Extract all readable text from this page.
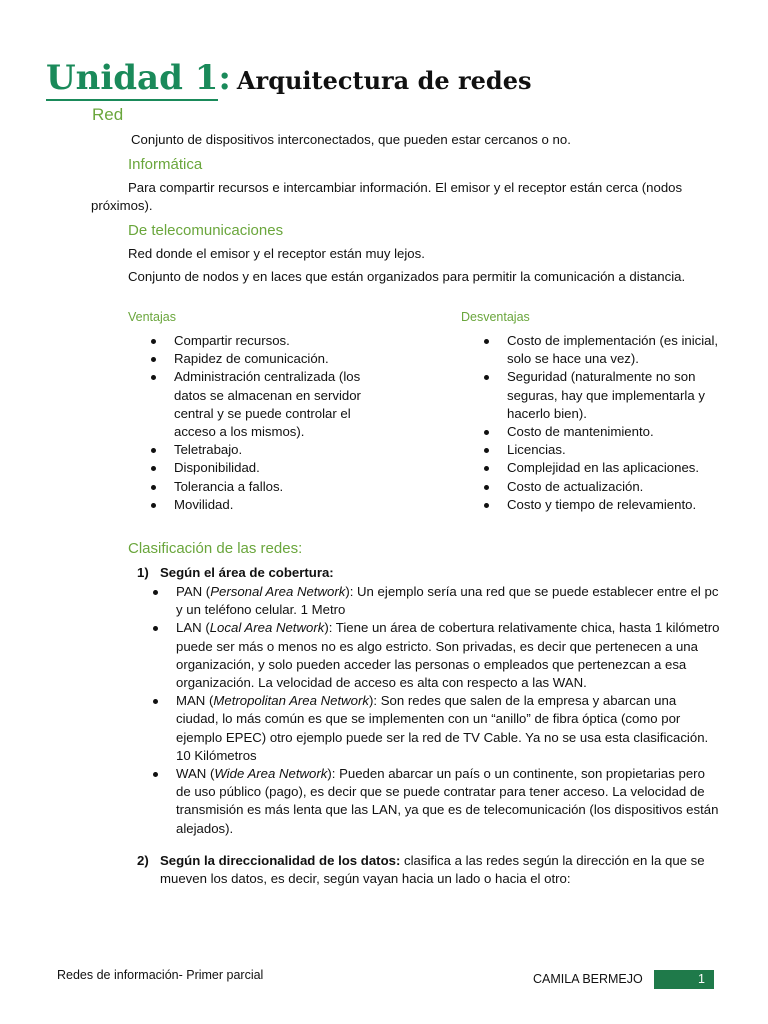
Unidad 1: Arquitectura de redes
Red
Conjunto de dispositivos interconectados, que pueden estar cercanos o no.
Informática
Para compartir recursos e intercambiar información. El emisor y el receptor están cerca (nodos próximos).
De telecomunicaciones
Red donde el emisor y el receptor están muy lejos.
Conjunto de nodos y en laces que están organizados para permitir la comunicación a distancia.
Ventajas
Compartir recursos.
Rapidez de comunicación.
Administración centralizada (los datos se almacenan en servidor central y se puede controlar el acceso a los mismos).
Teletrabajo.
Disponibilidad.
Tolerancia a fallos.
Movilidad.
Desventajas
Costo de implementación (es inicial, solo se hace una vez).
Seguridad (naturalmente no son seguras, hay que implementarla y hacerlo bien).
Costo de mantenimiento.
Licencias.
Complejidad en las aplicaciones.
Costo de actualización.
Costo y tiempo de relevamiento.
Clasificación de las redes:
1) Según el área de cobertura:
PAN (Personal Area Network): Un ejemplo sería una red que se puede establecer entre el pc y un teléfono celular. 1 Metro
LAN (Local Area Network): Tiene un área de cobertura relativamente chica, hasta 1 kilómetro puede ser más o menos no es algo estricto. Son privadas, es decir que pertenecen a una organización, y solo pueden acceder las personas o empleados que pertenezcan a esa organización. La velocidad de acceso es alta con respecto a las WAN.
MAN (Metropolitan Area Network): Son redes que salen de la empresa y abarcan una ciudad, lo más común es que se implementen con un “anillo” de fibra óptica (como por ejemplo EPEC) otro ejemplo puede ser la red de TV Cable. Ya no se usa esta clasificación. 10 Kilómetros
WAN (Wide Area Network): Pueden abarcar un país o un continente, son propietarias pero de uso público (pago), es decir que se puede contratar para tener acceso. La velocidad de transmisión es más lenta que las LAN, ya que es de telecomunicación (los dispositivos están alejados).
2) Según la direccionalidad de los datos: clasifica a las redes según la dirección en la que se mueven los datos, es decir, según vayan hacia un lado o hacia el otro:
Redes de información- Primer parcial	CAMILA BERMEJO	1
